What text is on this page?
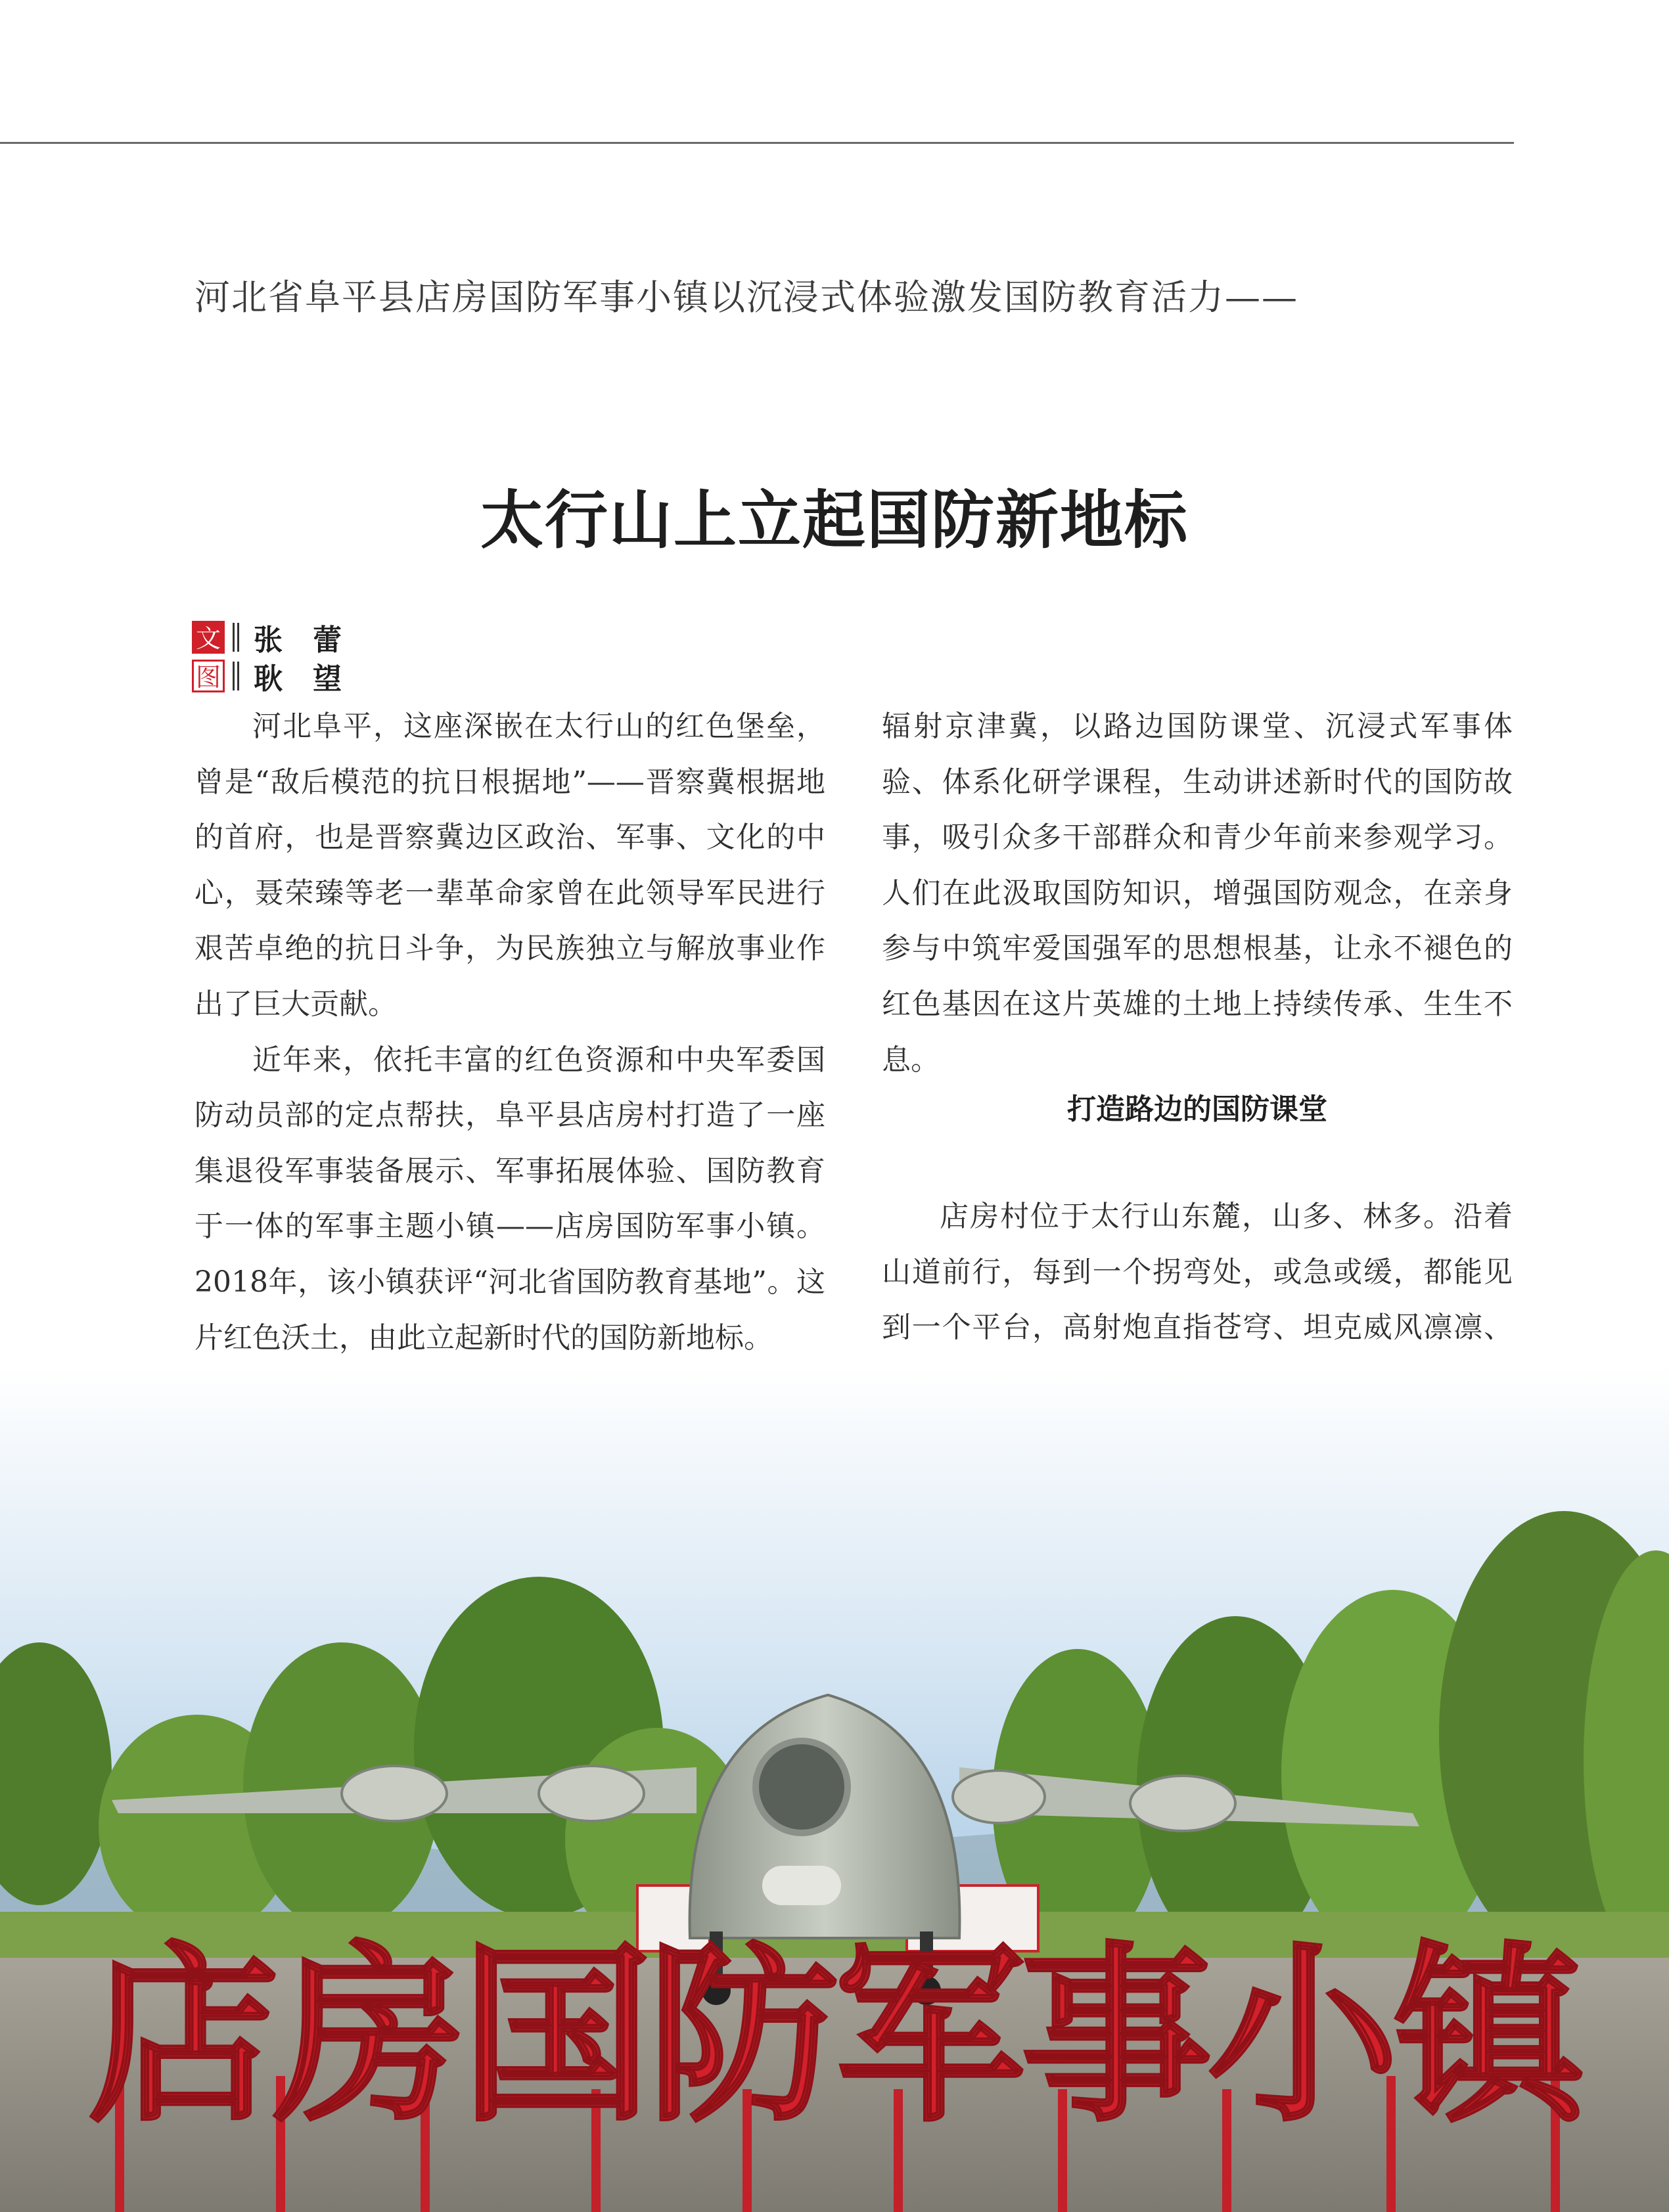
河北省阜平县店房国防军事小镇以沉浸式体验激发国防教育活力——
太行山上立起国防新地标
文 张蕾
图 耿望

河北阜平，这座深嵌在太行山的红色堡垒，曾是“敌后模范的抗日根据地”——晋察冀根据地的首府，也是晋察冀边区政治、军事、文化的中心，聂荣臻等老一辈革命家曾在此领导军民进行艰苦卓绝的抗日斗争，为民族独立与解放事业作出了巨大贡献。

近年来，依托丰富的红色资源和中央军委国防动员部的定点帮扶，阜平县店房村打造了一座集退役军事装备展示、军事拓展体验、国防教育于一体的军事主题小镇——店房国防军事小镇。2018年，该小镇获评“河北省国防教育基地”。这片红色沃土，由此立起新时代的国防新地标。

辐射京津冀，以路边国防课堂、沉浸式军事体验、体系化研学课程，生动讲述新时代的国防故事，吸引众多干部群众和青少年前来参观学习。人们在此汲取国防知识，增强国防观念，在亲身参与中筑牢爱国强军的思想根基，让永不褪色的红色基因在这片英雄的土地上持续传承、生生不息。

打造路边的国防课堂

店房村位于太行山东麓，山多、林多。沿着山道前行，每到一个拐弯处，或急或缓，都能见到一个平台，高射炮直指苍穹、坦克威风凛凛、

店房国防军事小镇
